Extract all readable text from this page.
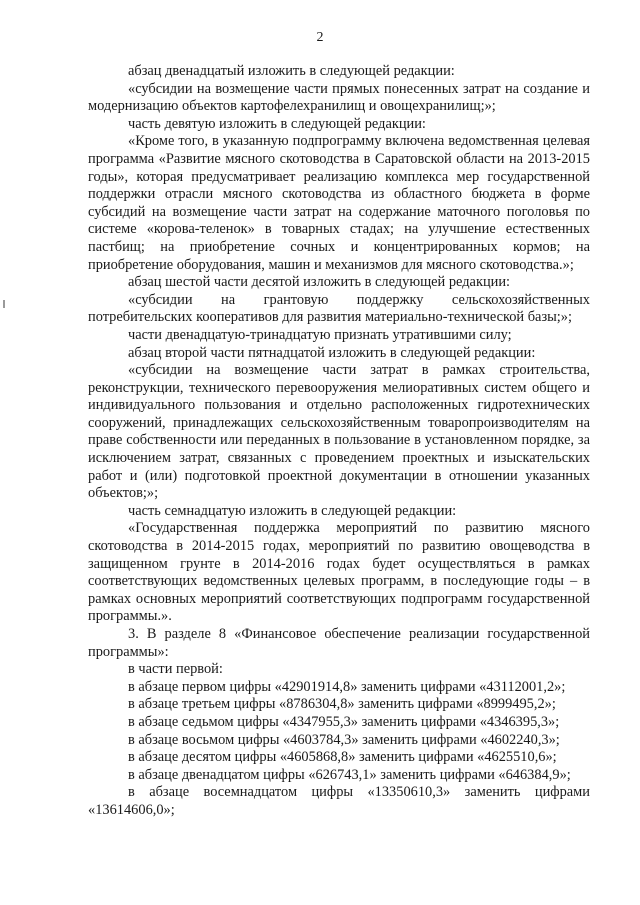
2

абзац двенадцатый изложить в следующей редакции:

«субсидии на возмещение части прямых понесенных затрат на создание и модернизацию объектов картофелехранилищ и овощехранилищ;»;

часть девятую изложить в следующей редакции:

«Кроме того, в указанную подпрограмму включена ведомственная целевая программа «Развитие мясного скотоводства в Саратовской области на 2013-2015 годы», которая предусматривает реализацию комплекса мер государственной поддержки отрасли мясного скотоводства из областного бюджета в форме субсидий на возмещение части затрат на содержание маточного поголовья по системе «корова-теленок» в товарных стадах; на улучшение естественных пастбищ; на приобретение сочных и концентрированных кормов; на приобретение оборудования, машин и механизмов для мясного скотоводства.»;

абзац шестой части десятой изложить в следующей редакции:

«субсидии на грантовую поддержку сельскохозяйственных потребительских кооперативов для развития материально-технической базы;»;

части двенадцатую-тринадцатую признать утратившими силу;

абзац второй части пятнадцатой изложить в следующей редакции:

«субсидии на возмещение части затрат в рамках строительства, реконструкции, технического перевооружения мелиоративных систем общего и индивидуального пользования и отдельно расположенных гидротехнических сооружений, принадлежащих сельскохозяйственным товаропроизводителям на праве собственности или переданных в пользование в установленном порядке, за исключением затрат, связанных с проведением проектных и изыскательских работ и (или) подготовкой проектной документации в отношении указанных объектов;»;

часть семнадцатую изложить в следующей редакции:

«Государственная поддержка мероприятий по развитию мясного скотоводства в 2014-2015 годах, мероприятий по развитию овощеводства в защищенном грунте в 2014-2016 годах будет осуществляться в рамках соответствующих ведомственных целевых программ, в последующие годы – в рамках основных мероприятий соответствующих подпрограмм государственной программы.».

3. В разделе 8 «Финансовое обеспечение реализации государственной программы»:

в части первой:

в абзаце первом цифры «42901914,8» заменить цифрами «43112001,2»;

в абзаце третьем цифры «8786304,8» заменить цифрами «8999495,2»;

в абзаце седьмом цифры «4347955,3» заменить цифрами «4346395,3»;

в абзаце восьмом цифры «4603784,3» заменить цифрами «4602240,3»;

в абзаце десятом цифры «4605868,8» заменить цифрами «4625510,6»;

в абзаце двенадцатом цифры «626743,1» заменить цифрами «646384,9»;

в абзаце восемнадцатом цифры «13350610,3» заменить цифрами «13614606,0»;
